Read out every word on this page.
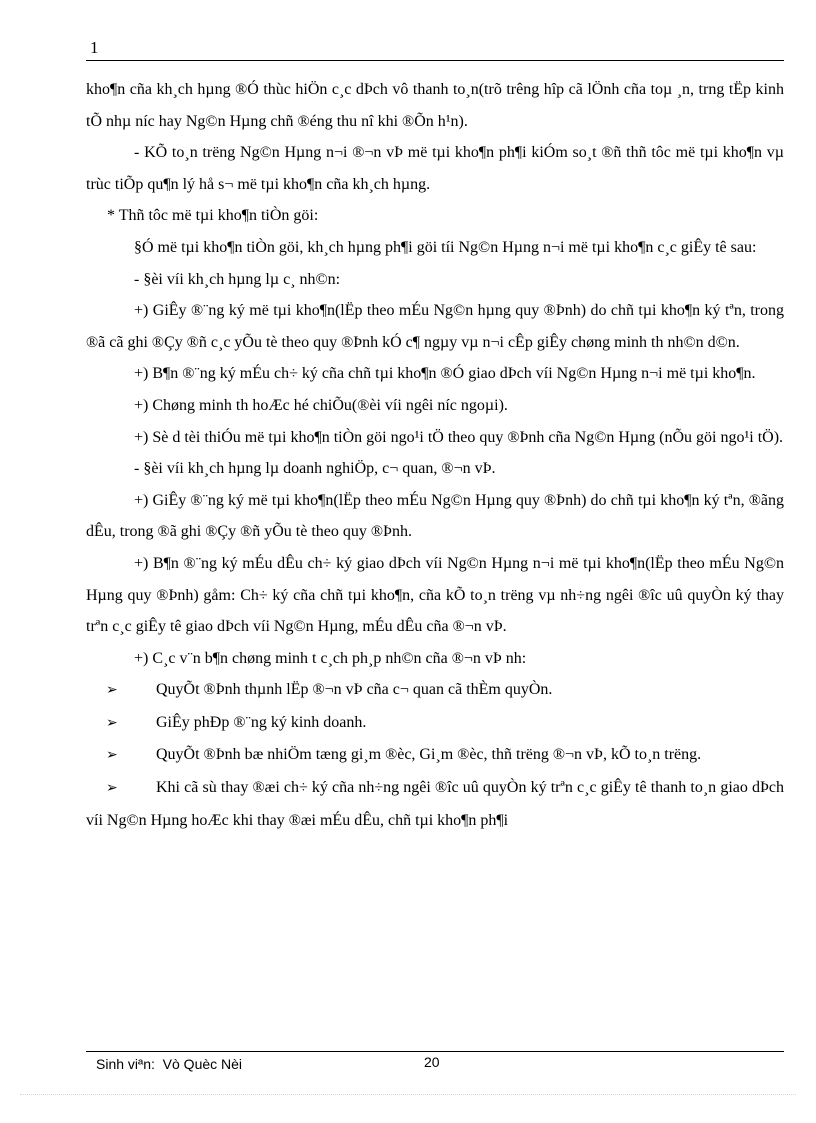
1

kho¶n cña kh¸ch hµng ®Ó thùc hiÖn c¸c dÞch vô thanh to¸n(trõ trêng hîp cã lÖnh cña toµ ¸n, trng tËp kinh tÕ nhµ níc hay Ng©n Hµng chñ ®éng thu nî khi ®Õn h¹n).

- KÕ to¸n trëng Ng©n Hµng n¬i ®¬n vÞ më tµi kho¶n ph¶i kiÓm so¸t ®ñ thñ tôc më tµi kho¶n vµ trùc tiÕp qu¶n lý hå s¬ më tµi kho¶n cña kh¸ch hµng.

* Thñ tôc më tµi kho¶n tiÒn göi:

§Ó më tµi kho¶n tiÒn göi, kh¸ch hµng ph¶i göi tíi Ng©n Hµng n¬i më tµi kho¶n c¸c giÊy tê sau:

- §èi víi kh¸ch hµng lµ c¸ nh©n:

+) GiÊy ®¨ng ký më tµi kho¶n(lËp theo mÉu Ng©n hµng quy ®Þnh) do chñ tµi kho¶n ký tªn, trong ®ã cã ghi ®Çy ®ñ c¸c yÕu tè theo quy ®Þnh kÓ c¶ ngµy vµ n¬i cÊp giÊy chøng minh th nh©n d©n.

+) B¶n ®¨ng ký mÉu ch÷ ký cña chñ tµi kho¶n ®Ó giao dÞch víi Ng©n Hµng n¬i më tµi kho¶n.

+) Chøng minh th hoÆc hé chiÕu(®èi víi ngêi níc ngoµi).

+) Sè d tèi thiÓu më tµi kho¶n tiÒn göi ngo¹i tÖ theo quy ®Þnh cña Ng©n Hµng (nÕu göi ngo¹i tÖ).

- §èi víi kh¸ch hµng lµ doanh nghiÖp, c¬ quan, ®¬n vÞ.

+) GiÊy ®¨ng ký më tµi kho¶n(lËp theo mÉu Ng©n Hµng quy ®Þnh) do chñ tµi kho¶n ký tªn, ®ãng dÊu, trong ®ã ghi ®Çy ®ñ yÕu tè theo quy ®Þnh.

+) B¶n ®¨ng ký mÉu dÊu ch÷ ký giao dÞch víi Ng©n Hµng n¬i më tµi kho¶n(lËp theo mÉu Ng©n Hµng quy ®Þnh) gåm: Ch÷ ký cña chñ tµi kho¶n, cña kÕ to¸n trëng vµ nh÷ng ngêi ®îc uû quyÒn ký thay trªn c¸c giÊy tê giao dÞch víi Ng©n Hµng, mÉu dÊu cña ®¬n vÞ.

+) C¸c v¨n b¶n chøng minh t c¸ch ph¸p nh©n cña ®¬n vÞ nh:

➢ QuyÕt ®Þnh thµnh lËp ®¬n vÞ cña c¬ quan cã thÈm quyÒn.

➢ GiÊy phÐp ®¨ng ký kinh doanh.

➢ QuyÕt ®Þnh bæ nhiÖm tæng gi¸m ®èc, Gi¸m ®èc, thñ trëng ®¬n vÞ, kÕ to¸n trëng.

➢ Khi cã sù thay ®æi ch÷ ký cña nh÷ng ngêi ®îc uû quyÒn ký trªn c¸c giÊy tê thanh to¸n giao dÞch víi Ng©n Hµng hoÆc khi thay ®æi mÉu dÊu, chñ tµi kho¶n ph¶i

Sinh viªn: Vò Quèc Nèi	20
